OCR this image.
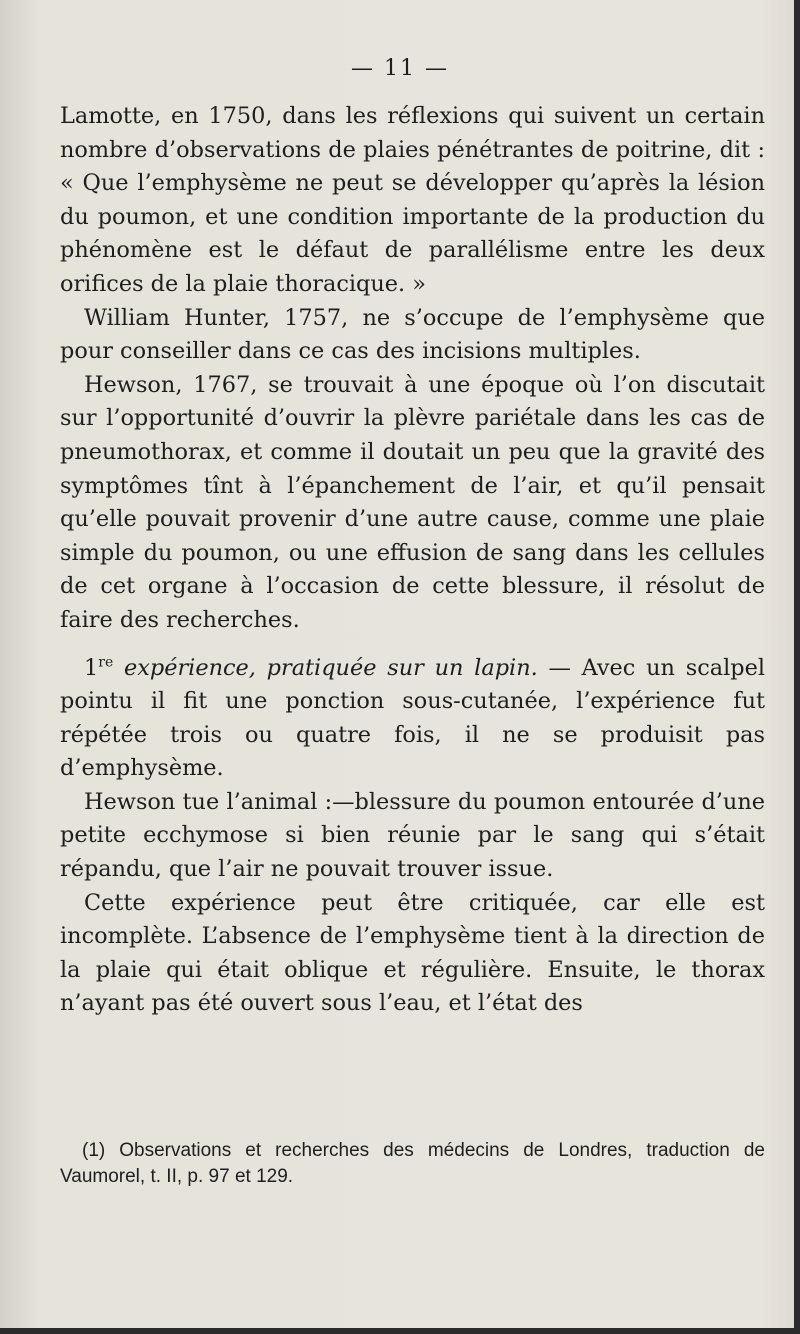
— 11 —

Lamotte, en 1750, dans les réflexions qui suivent un certain nombre d’observations de plaies pénétrantes de poitrine, dit : « Que l’emphysème ne peut se développer qu’après la lésion du poumon, et une condition importante de la production du phénomène est le défaut de parallélisme entre les deux orifices de la plaie thoracique. »

William Hunter, 1757, ne s’occupe de l’emphysème que pour conseiller dans ce cas des incisions multiples.

Hewson, 1767, se trouvait à une époque où l’on discutait sur l’opportunité d’ouvrir la plèvre pariétale dans les cas de pneumothorax, et comme il doutait un peu que la gravité des symptômes tînt à l’épanchement de l’air, et qu’il pensait qu’elle pouvait provenir d’une autre cause, comme une plaie simple du poumon, ou une effusion de sang dans les cellules de cet organe à l’occasion de cette blessure, il résolut de faire des recherches.

1re expérience, pratiquée sur un lapin. — Avec un scalpel pointu il fit une ponction sous-cutanée, l’expérience fut répétée trois ou quatre fois, il ne se produisit pas d’emphysème.

Hewson tue l’animal :—blessure du poumon entourée d’une petite ecchymose si bien réunie par le sang qui s’était répandu, que l’air ne pouvait trouver issue.

Cette expérience peut être critiquée, car elle est incomplète. L’absence de l’emphysème tient à la direction de la plaie qui était oblique et régulière. Ensuite, le thorax n’ayant pas été ouvert sous l’eau, et l’état des

(1) Observations et recherches des médecins de Londres, traduction de Vaumorel, t. II, p. 97 et 129.
